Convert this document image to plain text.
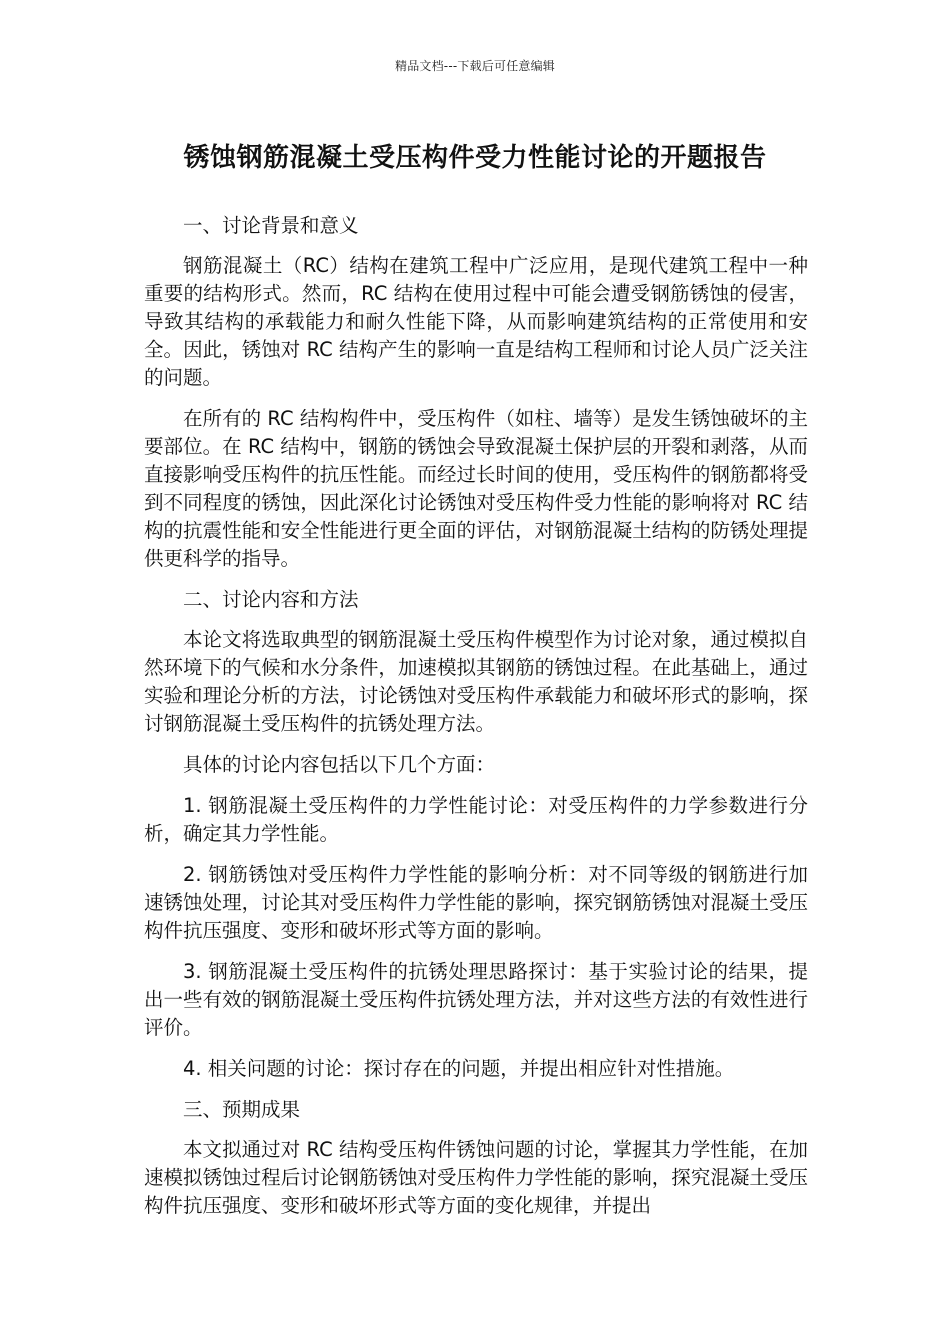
精品文档---下载后可任意编辑
锈蚀钢筋混凝土受压构件受力性能讨论的开题报告

一、讨论背景和意义

钢筋混凝土（RC）结构在建筑工程中广泛应用，是现代建筑工程中一种重要的结构形式。然而，RC 结构在使用过程中可能会遭受钢筋锈蚀的侵害，导致其结构的承载能力和耐久性能下降，从而影响建筑结构的正常使用和安全。因此，锈蚀对 RC 结构产生的影响一直是结构工程师和讨论人员广泛关注的问题。

在所有的 RC 结构构件中，受压构件（如柱、墙等）是发生锈蚀破坏的主要部位。在 RC 结构中，钢筋的锈蚀会导致混凝土保护层的开裂和剥落，从而直接影响受压构件的抗压性能。而经过长时间的使用，受压构件的钢筋都将受到不同程度的锈蚀，因此深化讨论锈蚀对受压构件受力性能的影响将对 RC 结构的抗震性能和安全性能进行更全面的评估，对钢筋混凝土结构的防锈处理提供更科学的指导。

二、讨论内容和方法

本论文将选取典型的钢筋混凝土受压构件模型作为讨论对象，通过模拟自然环境下的气候和水分条件，加速模拟其钢筋的锈蚀过程。在此基础上，通过实验和理论分析的方法，讨论锈蚀对受压构件承载能力和破坏形式的影响，探讨钢筋混凝土受压构件的抗锈处理方法。

具体的讨论内容包括以下几个方面：

1. 钢筋混凝土受压构件的力学性能讨论：对受压构件的力学参数进行分析，确定其力学性能。

2. 钢筋锈蚀对受压构件力学性能的影响分析：对不同等级的钢筋进行加速锈蚀处理，讨论其对受压构件力学性能的影响，探究钢筋锈蚀对混凝土受压构件抗压强度、变形和破坏形式等方面的影响。

3. 钢筋混凝土受压构件的抗锈处理思路探讨：基于实验讨论的结果，提出一些有效的钢筋混凝土受压构件抗锈处理方法，并对这些方法的有效性进行评价。

4. 相关问题的讨论：探讨存在的问题，并提出相应针对性措施。

三、预期成果

本文拟通过对 RC 结构受压构件锈蚀问题的讨论，掌握其力学性能，在加速模拟锈蚀过程后讨论钢筋锈蚀对受压构件力学性能的影响，探究混凝土受压构件抗压强度、变形和破坏形式等方面的变化规律，并提出
